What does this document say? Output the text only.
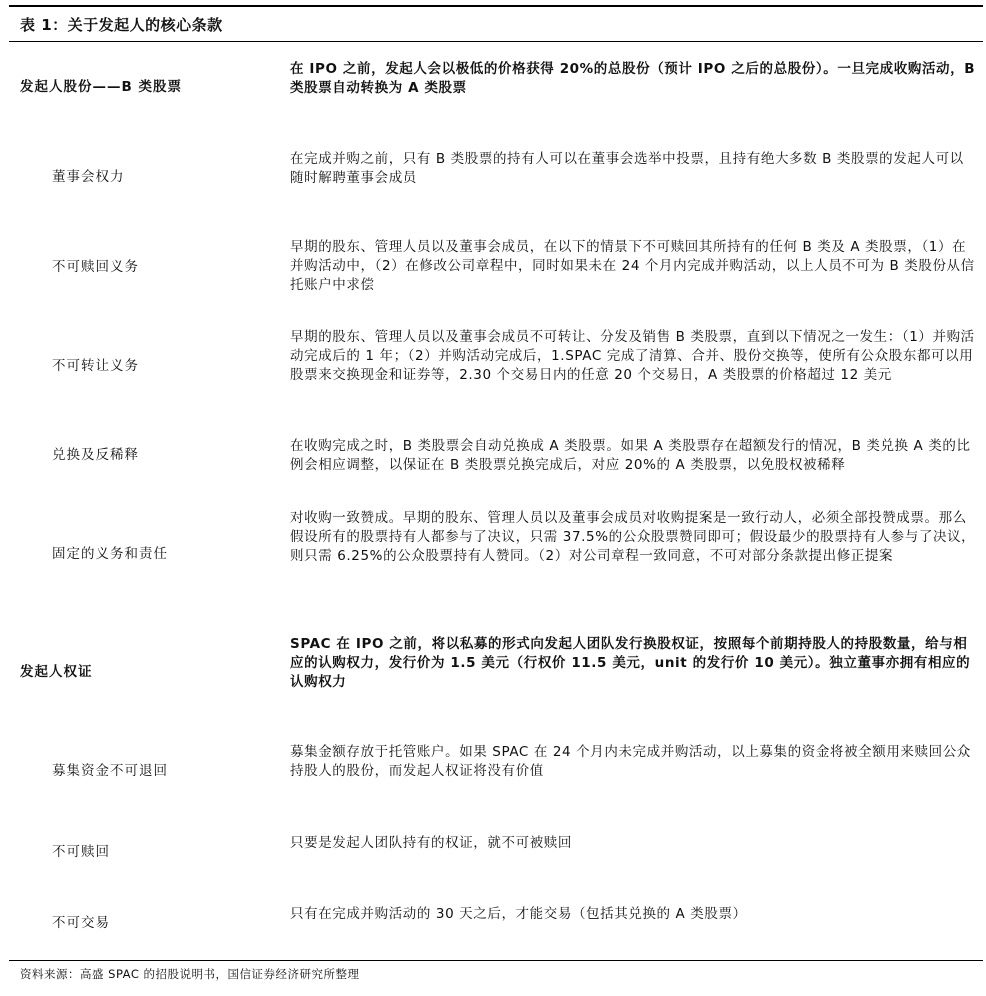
表 1：关于发起人的核心条款
发起人股份——B 类股票
在 IPO 之前，发起人会以极低的价格获得 20%的总股份（预计 IPO 之后的总股份）。一旦完成收购活动，B 类股票自动转换为 A 类股票
董事会权力
在完成并购之前，只有 B 类股票的持有人可以在董事会选举中投票，且持有绝大多数 B 类股票的发起人可以随时解聘董事会成员
不可赎回义务
早期的股东、管理人员以及董事会成员，在以下的情景下不可赎回其所持有的任何 B 类及 A 类股票，（1）在并购活动中，（2）在修改公司章程中，同时如果未在 24 个月内完成并购活动，以上人员不可为 B 类股份从信托账户中求偿
不可转让义务
早期的股东、管理人员以及董事会成员不可转让、分发及销售 B 类股票，直到以下情况之一发生：（1）并购活动完成后的 1 年；（2）并购活动完成后，1.SPAC 完成了清算、合并、股份交换等，使所有公众股东都可以用股票来交换现金和证券等，2.30 个交易日内的任意 20 个交易日，A 类股票的价格超过 12 美元
兑换及反稀释
在收购完成之时，B 类股票会自动兑换成 A 类股票。如果 A 类股票存在超额发行的情况，B 类兑换 A 类的比例会相应调整，以保证在 B 类股票兑换完成后，对应 20%的 A 类股票，以免股权被稀释
固定的义务和责任
对收购一致赞成。早期的股东、管理人员以及董事会成员对收购提案是一致行动人，必须全部投赞成票。那么假设所有的股票持有人都参与了决议，只需 37.5%的公众股票赞同即可；假设最少的股票持有人参与了决议，则只需 6.25%的公众股票持有人赞同。（2）对公司章程一致同意，不可对部分条款提出修正提案
发起人权证
SPAC 在 IPO 之前，将以私募的形式向发起人团队发行换股权证，按照每个前期持股人的持股数量，给与相应的认购权力，发行价为 1.5 美元（行权价 11.5 美元，unit 的发行价 10 美元）。独立董事亦拥有相应的认购权力
募集资金不可退回
募集金额存放于托管账户。如果 SPAC 在 24 个月内未完成并购活动，以上募集的资金将被全额用来赎回公众持股人的股份，而发起人权证将没有价值
不可赎回
只要是发起人团队持有的权证，就不可被赎回
不可交易
只有在完成并购活动的 30 天之后，才能交易（包括其兑换的 A 类股票）
资料来源：高盛 SPAC 的招股说明书，国信证券经济研究所整理
